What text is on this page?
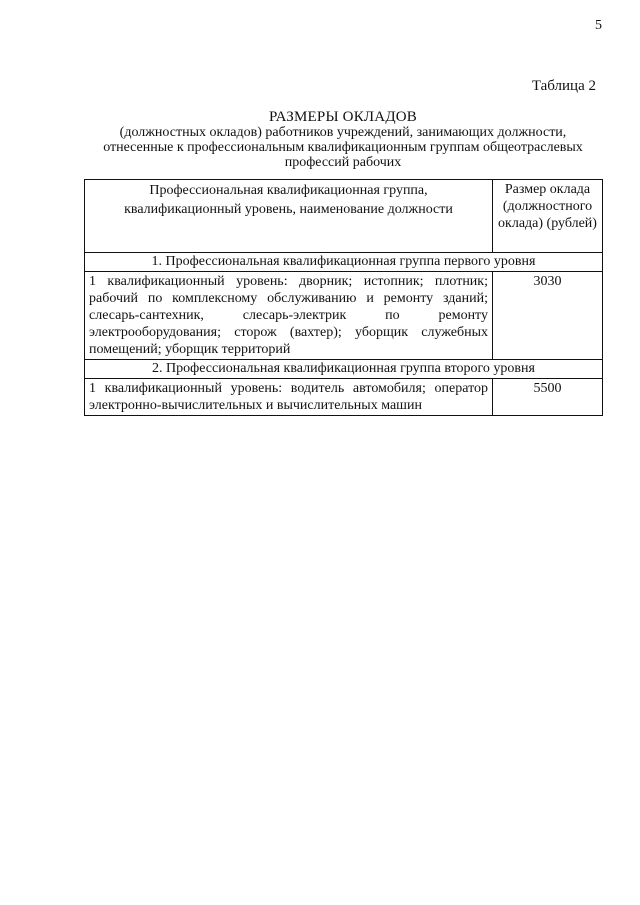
5
Таблица 2
РАЗМЕРЫ ОКЛАДОВ
(должностных окладов) работников учреждений, занимающих должности, отнесенные к профессиональным квалификационным группам общеотраслевых профессий рабочих
Профессиональная квалификационная группа, квалификационный уровень, наименование должности	Размер оклада (должностного оклада) (рублей)
1. Профессиональная квалификационная группа первого уровня	
1 квалификационный уровень: дворник; истопник; плотник; рабочий по комплексному обслуживанию и ремонту зданий; слесарь-сантехник, слесарь-электрик по ремонту электрооборудования; сторож (вахтер); уборщик служебных помещений; уборщик территорий	3030
2. Профессиональная квалификационная группа второго уровня	
1 квалификационный уровень: водитель автомобиля; оператор электронно-вычислительных и вычислительных машин	5500
